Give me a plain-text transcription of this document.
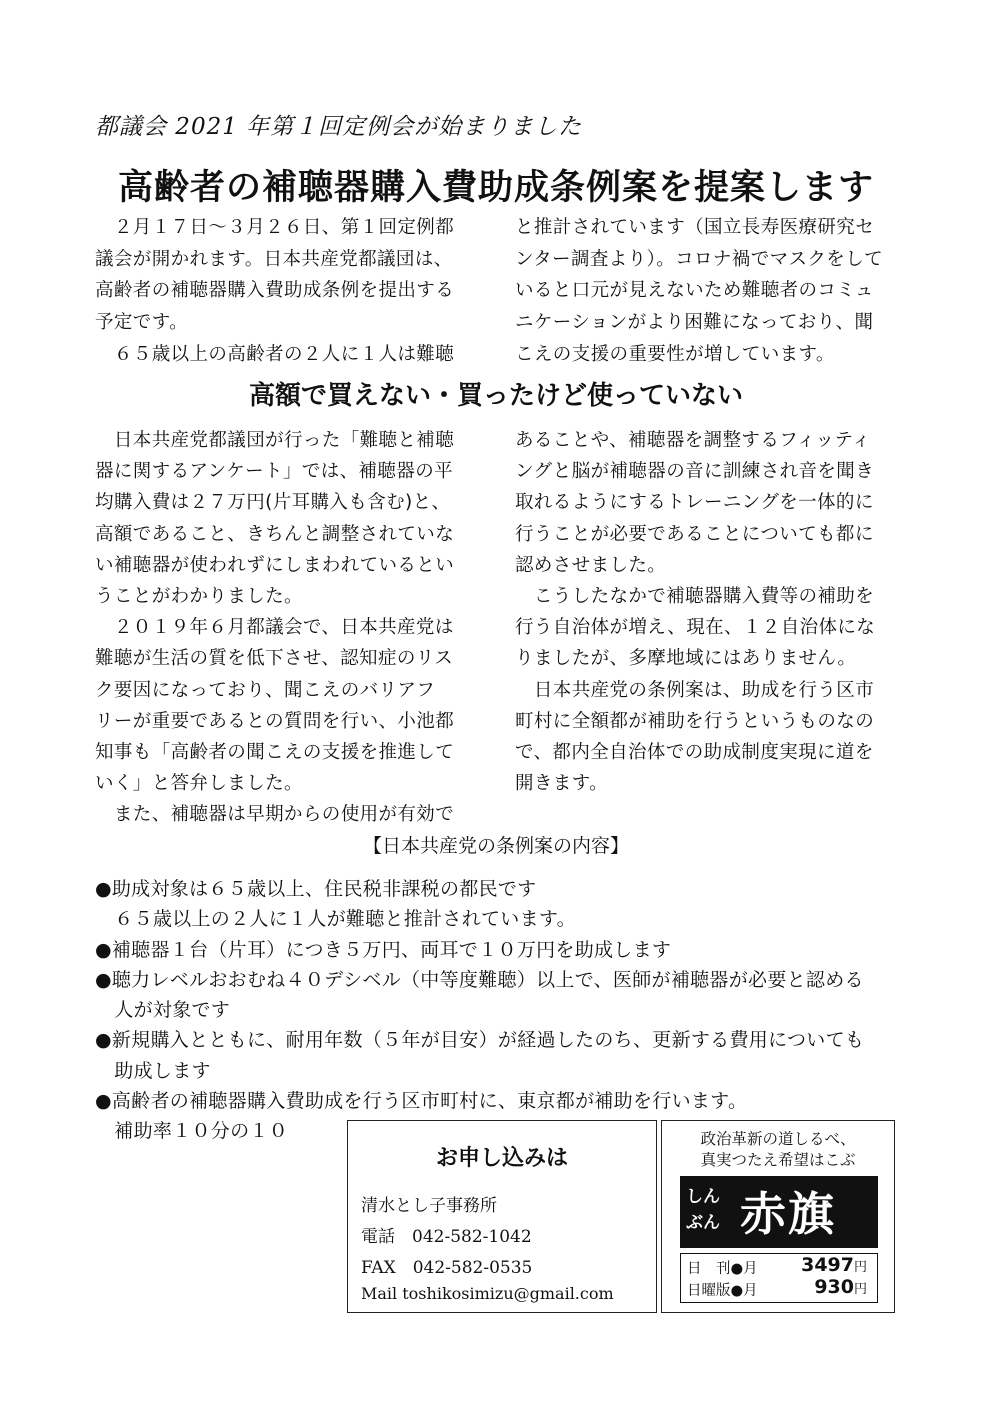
都議会 2021 年第１回定例会が始まりました
高齢者の補聴器購入費助成条例案を提案します
　２月１７日～３月２６日、第１回定例都
議会が開かれます。日本共産党都議団は、
高齢者の補聴器購入費助成条例を提出する
予定です。
　６５歳以上の高齢者の２人に１人は難聴
と推計されています（国立長寿医療研究セ
ンター調査より）。コロナ禍でマスクをして
いると口元が見えないため難聴者のコミュ
ニケーションがより困難になっており、聞
こえの支援の重要性が増しています。
高額で買えない・買ったけど使っていない
　日本共産党都議団が行った「難聴と補聴
器に関するアンケート」では、補聴器の平
均購入費は２７万円(片耳購入も含む)と、
高額であること、きちんと調整されていな
い補聴器が使われずにしまわれているとい
うことがわかりました。
　２０１９年６月都議会で、日本共産党は
難聴が生活の質を低下させ、認知症のリス
ク要因になっており、聞こえのバリアフ
リーが重要であるとの質問を行い、小池都
知事も「高齢者の聞こえの支援を推進して
いく」と答弁しました。
　また、補聴器は早期からの使用が有効で
あることや、補聴器を調整するフィッティ
ングと脳が補聴器の音に訓練され音を聞き
取れるようにするトレーニングを一体的に
行うことが必要であることについても都に
認めさせました。
　こうしたなかで補聴器購入費等の補助を
行う自治体が増え、現在、１２自治体にな
りましたが、多摩地域にはありません。
　日本共産党の条例案は、助成を行う区市
町村に全額都が補助を行うというものなの
で、都内全自治体での助成制度実現に道を
開きます。
【日本共産党の条例案の内容】
●助成対象は６５歳以上、住民税非課税の都民です
　６５歳以上の２人に１人が難聴と推計されています。
●補聴器１台（片耳）につき５万円、両耳で１０万円を助成します
●聴力レベルおおむね４０デシベル（中等度難聴）以上で、医師が補聴器が必要と認める
　人が対象です
●新規購入とともに、耐用年数（５年が目安）が経過したのち、更新する費用についても
　助成します
●高齢者の補聴器購入費助成を行う区市町村に、東京都が補助を行います。
　補助率１０分の１０
お申し込みは
清水とし子事務所
電話　042-582-1042
FAX　042-582-0535
Mail toshikosimizu@gmail.com
政治革新の道しるべ、
真実つたえ希望はこぶ
しん
ぶん 赤旗
日　刊●月 3497円
日曜版●月	930円
